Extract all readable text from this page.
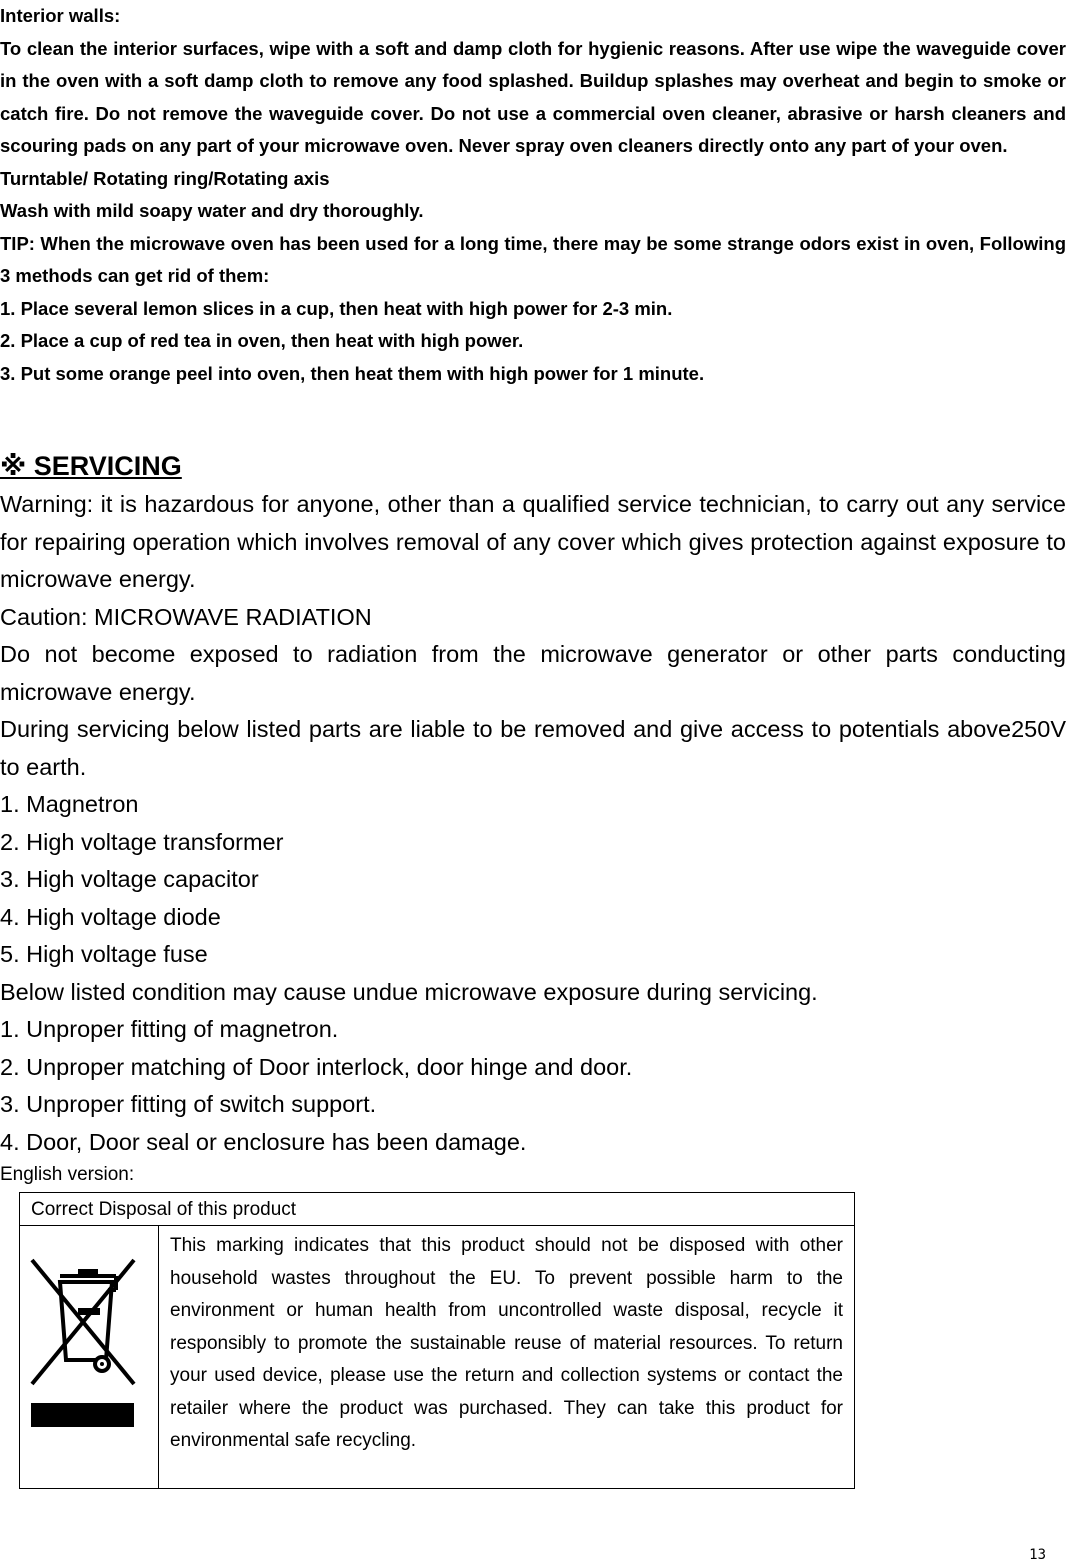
Interior walls:

To clean the interior surfaces, wipe with a soft and damp cloth for hygienic reasons. After use wipe the waveguide cover in the oven with a soft damp cloth to remove any food splashed. Buildup splashes may overheat and begin to smoke or catch fire. Do not remove the waveguide cover. Do not use a commercial oven cleaner, abrasive or harsh cleaners and scouring pads on any part of your microwave oven. Never spray oven cleaners directly onto any part of your oven.

Turntable/ Rotating ring/Rotating axis

Wash with mild soapy water and dry thoroughly.

TIP: When the microwave oven has been used for a long time, there may be some strange odors exist in oven, Following 3 methods can get rid of them:

1. Place several lemon slices in a cup, then heat with high power for 2-3 min.

2. Place a cup of red tea in oven, then heat with high power.

3. Put some orange peel into oven, then heat them with high power for 1 minute.

※ SERVICING

Warning: it is hazardous for anyone, other than a qualified service technician, to carry out any service for repairing operation which involves removal of any cover which gives protection against exposure to microwave energy.

Caution: MICROWAVE RADIATION

Do not become exposed to radiation from the microwave generator or other parts conducting microwave energy.

During servicing below listed parts are liable to be removed and give access to potentials above250V to earth.

1. Magnetron

2. High voltage transformer

3. High voltage capacitor

4. High voltage diode

5. High voltage fuse

Below listed condition may cause undue microwave exposure during servicing.

1. Unproper fitting of magnetron.

2. Unproper matching of Door interlock, door hinge and door.

3. Unproper fitting of switch support.

4. Door, Door seal or enclosure has been damage.

English version:
Correct Disposal of this product
This marking indicates that this product should not be disposed with other household wastes throughout the EU. To prevent possible harm to the environment or human health from uncontrolled waste disposal, recycle it responsibly to promote the sustainable reuse of material resources. To return your used device, please use the return and collection systems or contact the retailer where the product was purchased. They can take this product for environmental safe recycling.
13
